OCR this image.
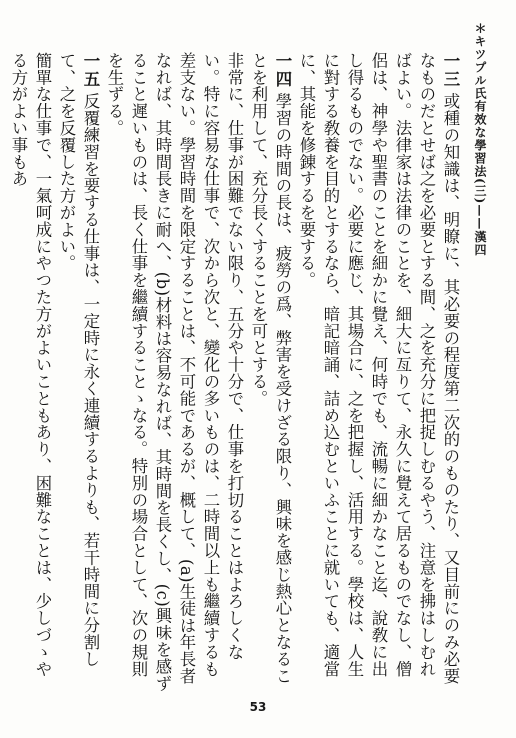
＊キツプル氏有效な學習法(三)——漢四

一三或種の知識は、明瞭に、其必要の程度第二次的のものたり、又目前にのみ必要なものだとせば之を必要とする間、之を充分に把捉しむるやう、注意を拂はしむればよい。法律家は法律のことを、細大に亙りて、永久に覺えて居るものでなし、僧侶は、神學や聖書のことを細かに覺え、何時でも、流暢に細かなこと迄、說敎に出し得るものでない。必要に應じ、其場合に、之を把握し、活用する。學校は、人生に對する敎養を目的とするなら、暗記暗誦、詰め込むといふことに就いても、適當に、其能を修錬するを要する。

一四學習の時間の長は、疲勞の爲、弊害を受けざる限り、興味を感じ熱心となることを利用して、充分長くすることを可とする。

非常に、仕事が困難でない限り、五分や十分で、仕事を打切ることはよろしくない。特に容易な仕事で、次から次と、變化の多いものは、二時間以上も繼續するも差支ない。學習時間を限定することは、不可能であるが、概して、(a)生徒は年長者なれば、其時間長きに耐へ、(b)材料は容易なれば、其時間を長くし、(c)興味を感ずること遲いものは、長く仕事を繼續することゝなる。特別の場合として、次の規則を生ずる。

一五反覆練習を要する仕事は、一定時に永く連續するよりも、若干時間に分割して、之を反覆した方がよい。

簡單な仕事で、一氣呵成にやつた方がよいこともあり、困難なことは、少しづゝやる方がよい事もあ

53
